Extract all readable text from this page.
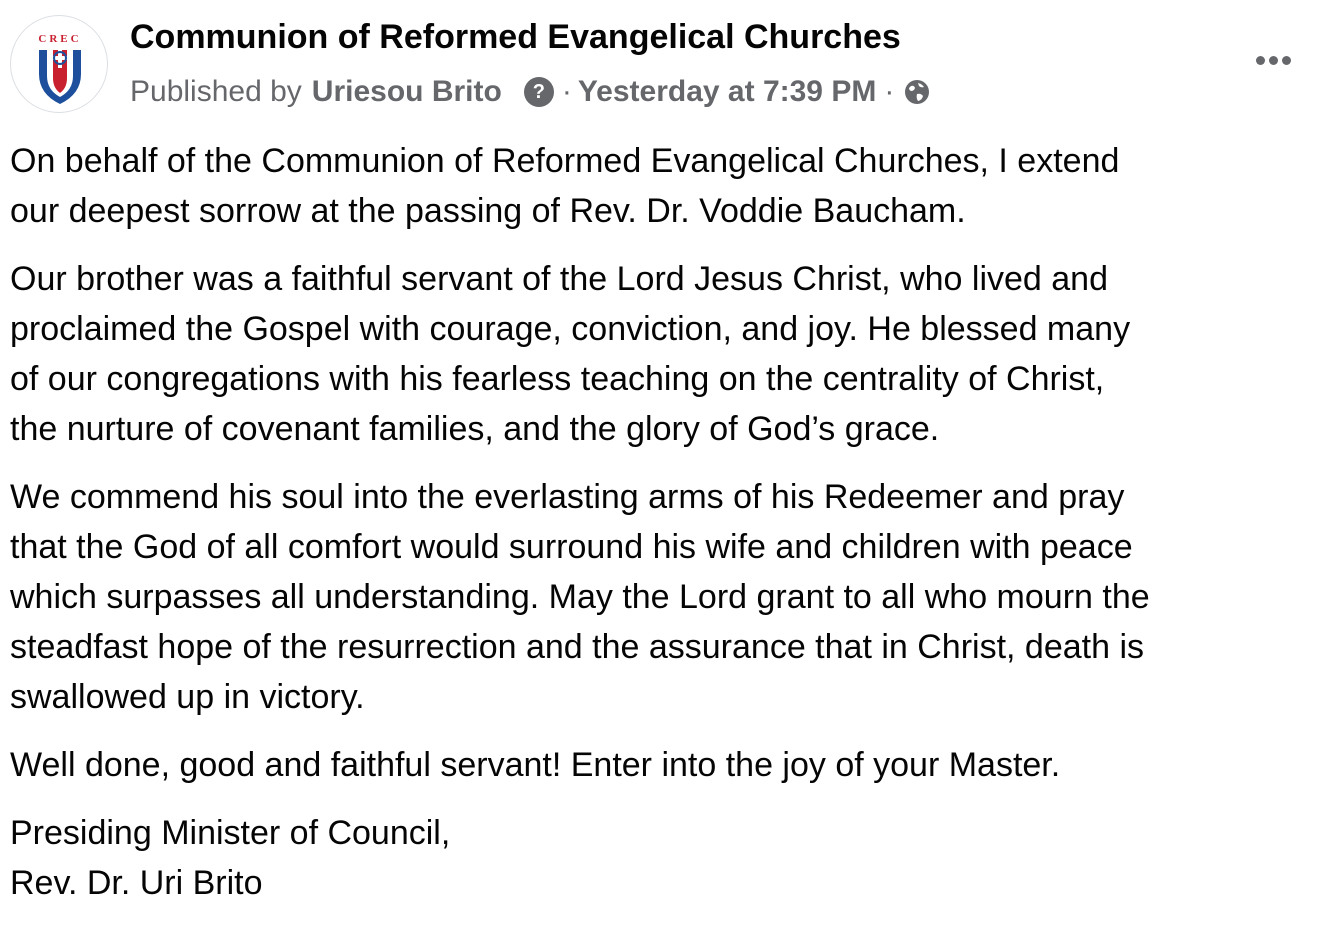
CREC Communion of Reformed Evangelical Churches
Published by Uriesou Brito	? · Yesterday at 7:39 PM ·

On behalf of the Communion of Reformed Evangelical Churches, I extend
our deepest sorrow at the passing of Rev. Dr. Voddie Baucham.

Our brother was a faithful servant of the Lord Jesus Christ, who lived and
proclaimed the Gospel with courage, conviction, and joy. He blessed many
of our congregations with his fearless teaching on the centrality of Christ,
the nurture of covenant families, and the glory of God’s grace.

We commend his soul into the everlasting arms of his Redeemer and pray
that the God of all comfort would surround his wife and children with peace
which surpasses all understanding. May the Lord grant to all who mourn the
steadfast hope of the resurrection and the assurance that in Christ, death is
swallowed up in victory.

Well done, good and faithful servant! Enter into the joy of your Master.

Presiding Minister of Council,
Rev. Dr. Uri Brito
